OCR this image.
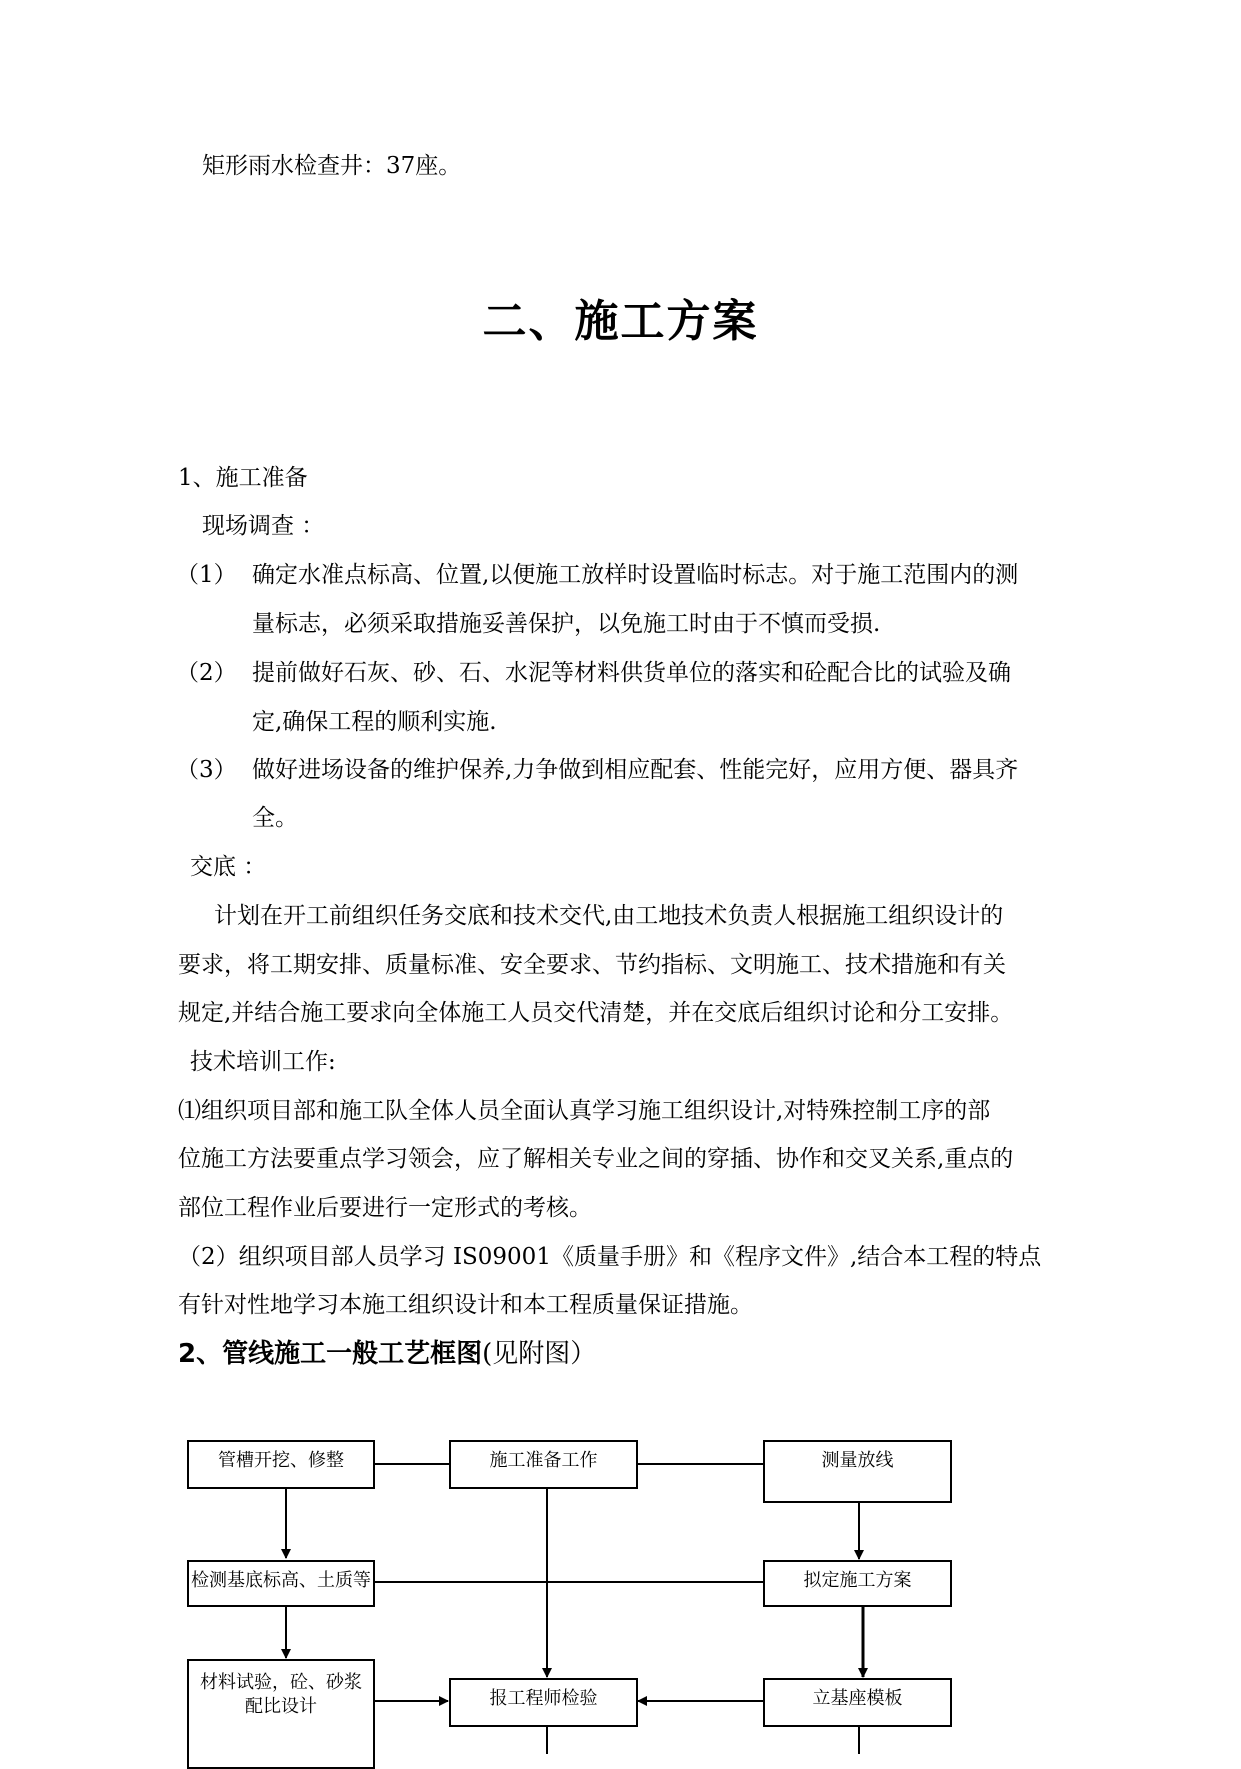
矩形雨水检查井：37座。
二、施工方案
1、施工准备
现场调查 ：
（1） 确定水准点标高、位置,以便施工放样时设置临时标志。对于施工范围内的测
量标志，必须采取措施妥善保护，以免施工时由于不慎而受损.
（2） 提前做好石灰、砂、石、水泥等材料供货单位的落实和砼配合比的试验及确
定,确保工程的顺利实施.
（3） 做好进场设备的维护保养,力争做到相应配套、性能完好，应用方便、器具齐
全。
交底 ：
计划在开工前组织任务交底和技术交代,由工地技术负责人根据施工组织设计的
要求，将工期安排、质量标准、安全要求、节约指标、文明施工、技术措施和有关
规定,并结合施工要求向全体施工人员交代清楚，并在交底后组织讨论和分工安排。
技术培训工作:
⑴组织项目部和施工队全体人员全面认真学习施工组织设计,对特殊控制工序的部
位施工方法要重点学习领会，应了解相关专业之间的穿插、协作和交叉关系,重点的
部位工程作业后要进行一定形式的考核。
（2）组织项目部人员学习 IS09001《质量手册》和《程序文件》,结合本工程的特点
有针对性地学习本施工组织设计和本工程质量保证措施。
2、管线施工一般工艺框图(见附图）
管槽开挖、修整	施工准备工作	测量放线
检测基底标高、土质等	拟定施工方案
材料试验，砼、砂浆
配比设计	报工程师检验	立基座模板
